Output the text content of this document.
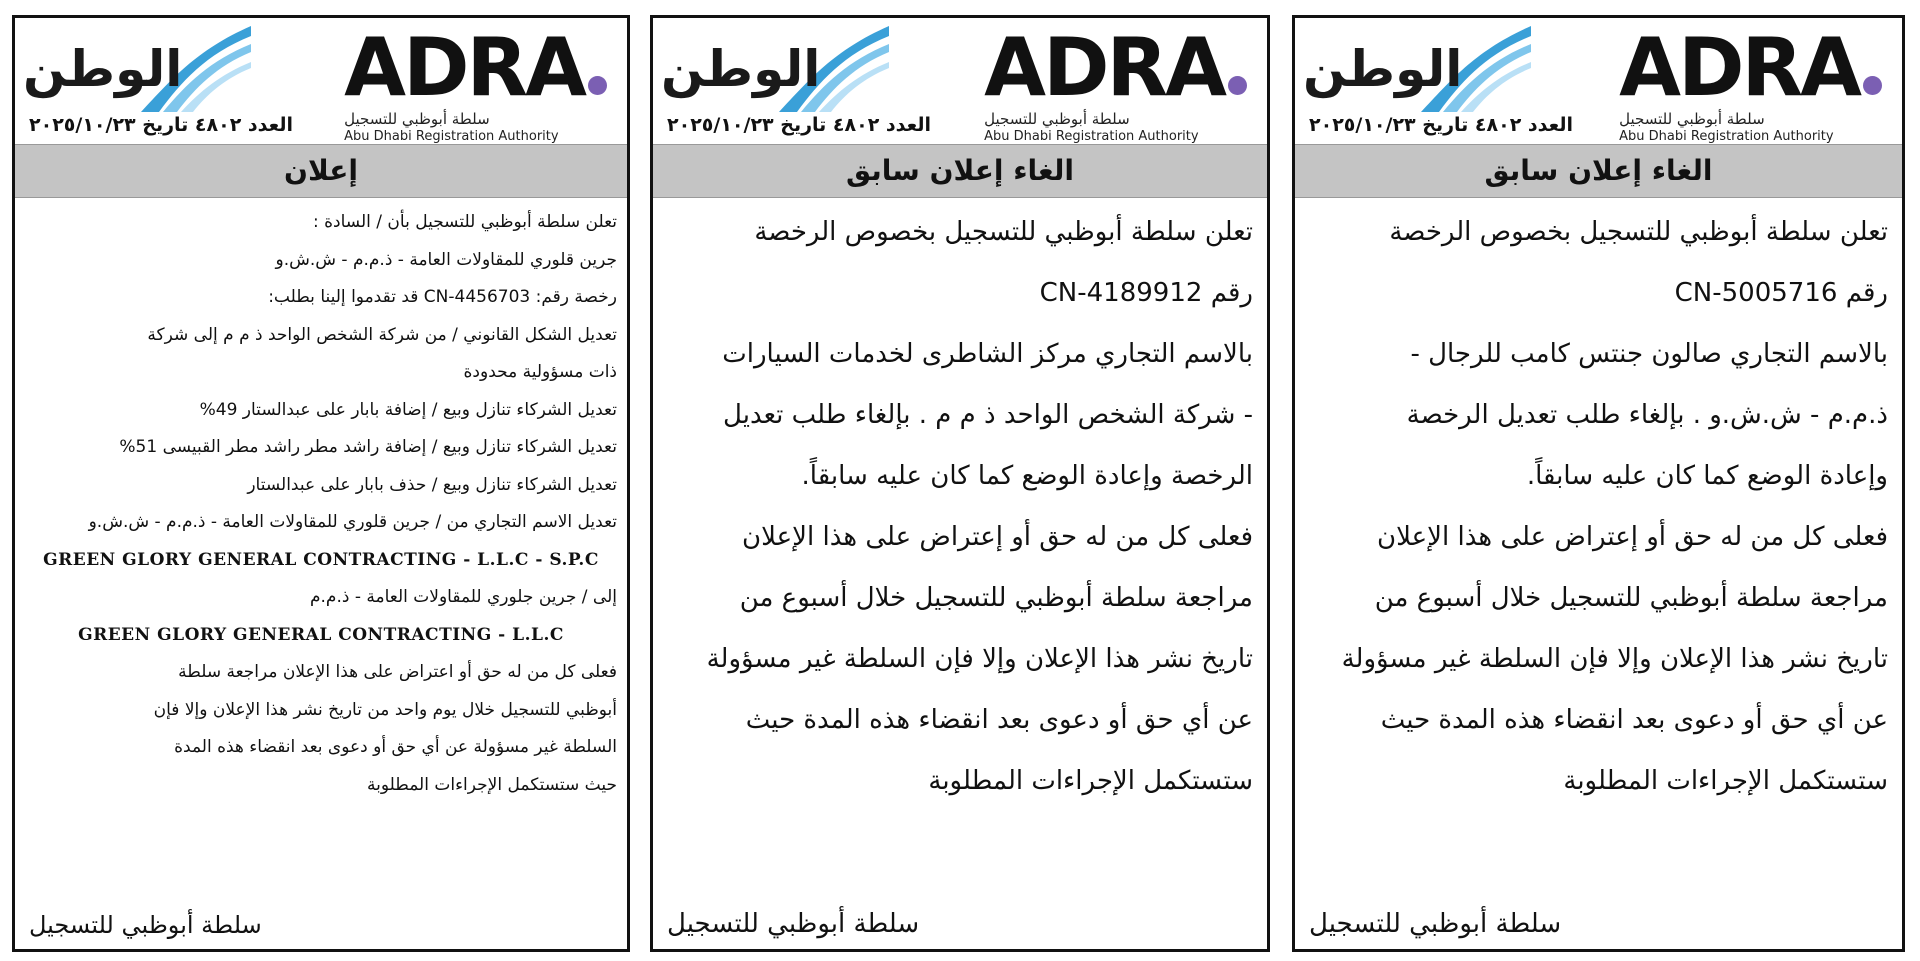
ADRA
سلطة أبوظبي للتسجيل
Abu Dhabi Registration Authority
الوطن
العدد ٤٨٠٢ تاريخ ٢٠٢٥/١٠/٢٣
الغاء إعلان سابق

تعلن سلطة أبوظبي للتسجيل بخصوص الرخصة

رقم CN-5005716

بالاسم التجاري صالون جنتس كامب للرجال -

ذ.م.م - ش.ش.و . بإلغاء طلب تعديل الرخصة

وإعادة الوضع كما كان عليه سابقاً.

فعلى كل من له حق أو إعتراض على هذا الإعلان

مراجعة سلطة أبوظبي للتسجيل خلال أسبوع من

تاريخ نشر هذا الإعلان وإلا فإن السلطة غير مسؤولة

عن أي حق أو دعوى بعد انقضاء هذه المدة حيث

ستستكمل الإجراءات المطلوبة

سلطة أبوظبي للتسجيل
ADRA
سلطة أبوظبي للتسجيل
Abu Dhabi Registration Authority
الوطن
العدد ٤٨٠٢ تاريخ ٢٠٢٥/١٠/٢٣
الغاء إعلان سابق

تعلن سلطة أبوظبي للتسجيل بخصوص الرخصة

رقم CN-4189912

بالاسم التجاري مركز الشاطرى لخدمات السيارات

- شركة الشخص الواحد ذ م م . بإلغاء طلب تعديل

الرخصة وإعادة الوضع كما كان عليه سابقاً.

فعلى كل من له حق أو إعتراض على هذا الإعلان

مراجعة سلطة أبوظبي للتسجيل خلال أسبوع من

تاريخ نشر هذا الإعلان وإلا فإن السلطة غير مسؤولة

عن أي حق أو دعوى بعد انقضاء هذه المدة حيث

ستستكمل الإجراءات المطلوبة

سلطة أبوظبي للتسجيل
ADRA
سلطة أبوظبي للتسجيل
Abu Dhabi Registration Authority
الوطن
العدد ٤٨٠٢ تاريخ ٢٠٢٥/١٠/٢٣
إعلان

تعلن سلطة أبوظبي للتسجيل بأن / السادة :

جرين قلوري للمقاولات العامة - ذ.م.م - ش.ش.و

رخصة رقم: CN-4456703 قد تقدموا إلينا بطلب:

تعديل الشكل القانوني / من شركة الشخص الواحد ذ م م إلى شركة

ذات مسؤولية محدودة

تعديل الشركاء تنازل وبيع / إضافة بابار على عبدالستار 49%

تعديل الشركاء تنازل وبيع / إضافة راشد مطر راشد مطر القبيسى 51%

تعديل الشركاء تنازل وبيع / حذف بابار على عبدالستار

تعديل الاسم التجاري من / جرين قلوري للمقاولات العامة - ذ.م.م - ش.ش.و

GREEN GLORY GENERAL CONTRACTING - L.L.C - S.P.C

إلى / جرين جلوري للمقاولات العامة - ذ.م.م

GREEN GLORY GENERAL CONTRACTING - L.L.C

فعلى كل من له حق أو اعتراض على هذا الإعلان مراجعة سلطة

أبوظبي للتسجيل خلال يوم واحد من تاريخ نشر هذا الإعلان وإلا فإن

السلطة غير مسؤولة عن أي حق أو دعوى بعد انقضاء هذه المدة

حيث ستستكمل الإجراءات المطلوبة

سلطة أبوظبي للتسجيل
